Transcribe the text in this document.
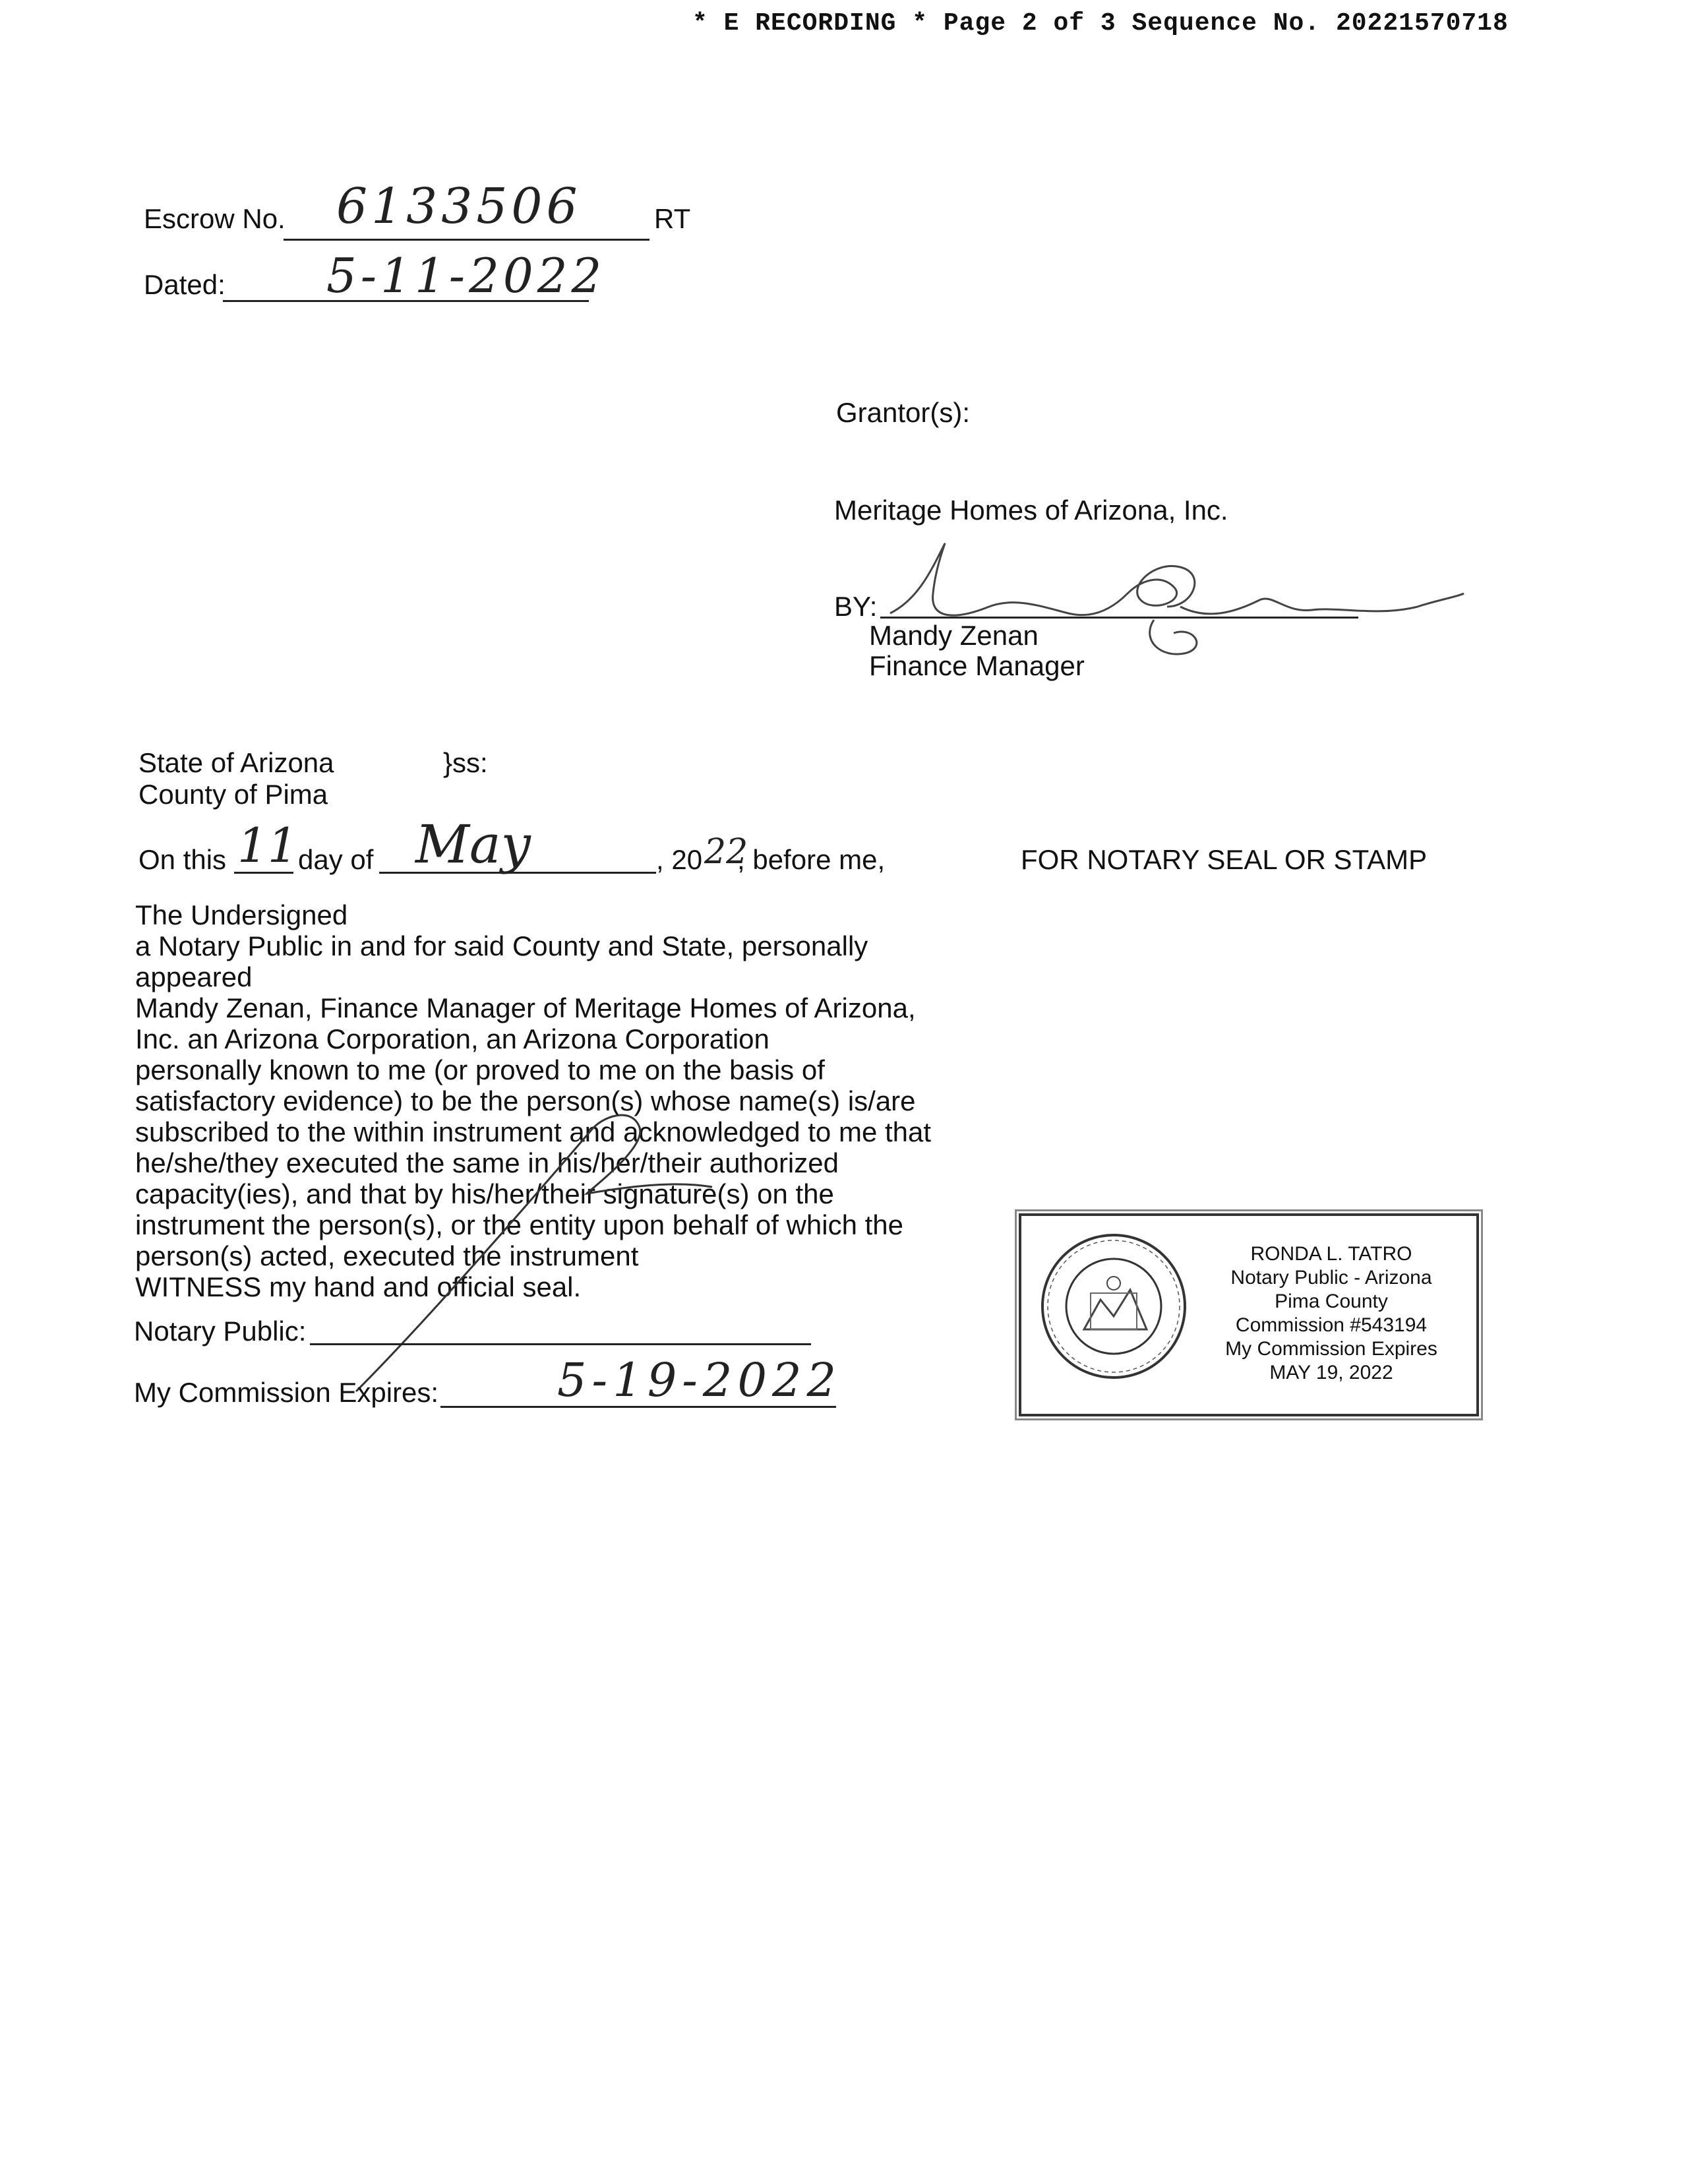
* E RECORDING * Page 2 of 3 Sequence No. 20221570718
Escrow No. 6133506	RT
Dated: 5-11-2022
Grantor(s):
Meritage Homes of Arizona, Inc.
BY:
Mandy Zenan
Finance Manager
State of Arizona	}ss:
County of Pima
On this 11 day of May	, 20 22
, before me,	FOR NOTARY SEAL OR STAMP
The Undersigned
a Notary Public in and for said County and State, personally
appeared
Mandy Zenan, Finance Manager of Meritage Homes of Arizona,
Inc. an Arizona Corporation, an Arizona Corporation
personally known to me (or proved to me on the basis of
satisfactory evidence) to be the person(s) whose name(s) is/are
subscribed to the within instrument and acknowledged to me that
he/she/they executed the same in his/her/their authorized
capacity(ies), and that by his/her/their signature(s) on the
instrument the person(s), or the entity upon behalf of which the
person(s) acted, executed the instrument
WITNESS my hand and official seal.
Notary Public:
My Commission Expires:	5-19-2022
RONDA L. TATRO
Notary Public - Arizona
Pima County
Commission #543194
My Commission Expires
MAY 19, 2022
